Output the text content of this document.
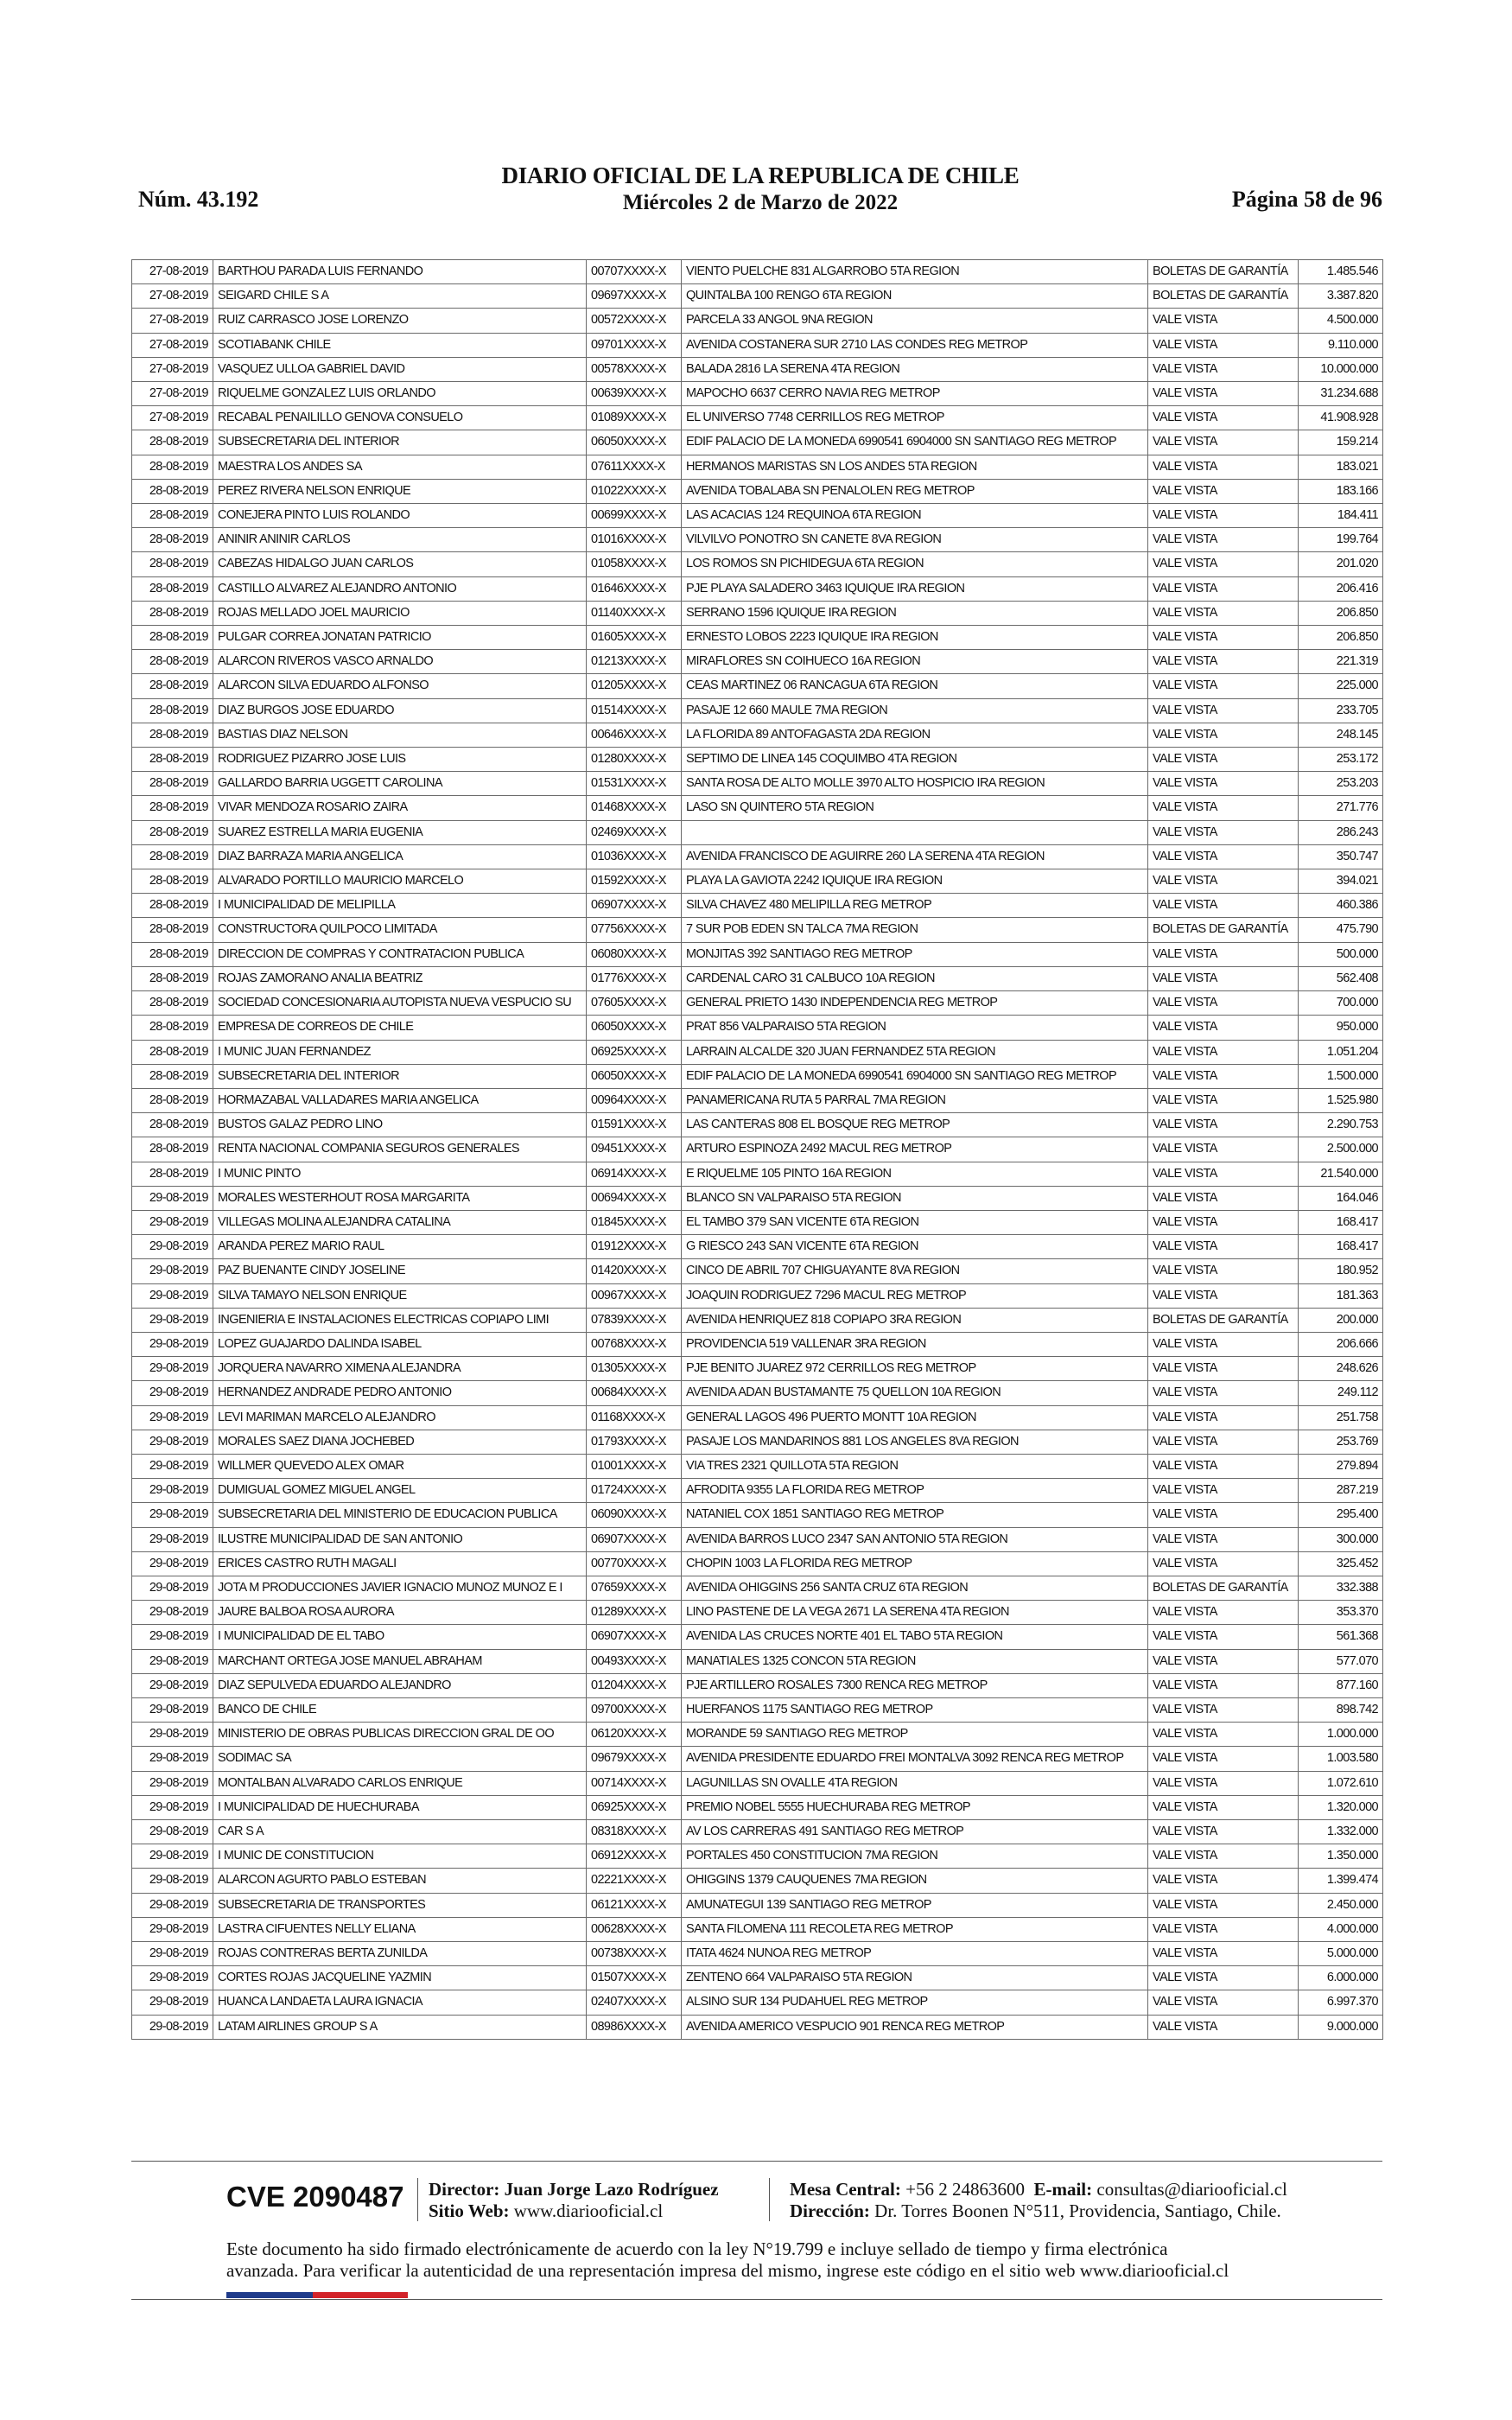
Núm. 43.192
DIARIO OFICIAL DE LA REPUBLICA DE CHILE
Miércoles 2 de Marzo de 2022	Página 58 de 96
27-08-2019	BARTHOU PARADA LUIS FERNANDO	00707XXXX-X	VIENTO PUELCHE 831 ALGARROBO 5TA REGION	BOLETAS DE GARANTÍA	1.485.546
27-08-2019	SEIGARD CHILE S A	09697XXXX-X	QUINTALBA 100 RENGO 6TA REGION	BOLETAS DE GARANTÍA	3.387.820
27-08-2019	RUIZ CARRASCO JOSE LORENZO	00572XXXX-X	PARCELA 33 ANGOL 9NA REGION	VALE VISTA	4.500.000
27-08-2019	SCOTIABANK CHILE	09701XXXX-X	AVENIDA COSTANERA SUR 2710 LAS CONDES REG METROP	VALE VISTA	9.110.000
27-08-2019	VASQUEZ ULLOA GABRIEL DAVID	00578XXXX-X	BALADA 2816 LA SERENA 4TA REGION	VALE VISTA	10.000.000
27-08-2019	RIQUELME GONZALEZ LUIS ORLANDO	00639XXXX-X	MAPOCHO 6637 CERRO NAVIA REG METROP	VALE VISTA	31.234.688
27-08-2019	RECABAL PENAILILLO GENOVA CONSUELO	01089XXXX-X	EL UNIVERSO 7748 CERRILLOS REG METROP	VALE VISTA	41.908.928
28-08-2019	SUBSECRETARIA DEL INTERIOR	06050XXXX-X	EDIF PALACIO DE LA MONEDA 6990541 6904000 SN SANTIAGO REG METROP	VALE VISTA	159.214
28-08-2019	MAESTRA LOS ANDES SA	07611XXXX-X	HERMANOS MARISTAS SN LOS ANDES 5TA REGION	VALE VISTA	183.021
28-08-2019	PEREZ RIVERA NELSON ENRIQUE	01022XXXX-X	AVENIDA TOBALABA SN PENALOLEN REG METROP	VALE VISTA	183.166
28-08-2019	CONEJERA PINTO LUIS ROLANDO	00699XXXX-X	LAS ACACIAS 124 REQUINOA 6TA REGION	VALE VISTA	184.411
28-08-2019	ANINIR ANINIR CARLOS	01016XXXX-X	VILVILVO PONOTRO SN CANETE 8VA REGION	VALE VISTA	199.764
28-08-2019	CABEZAS HIDALGO JUAN CARLOS	01058XXXX-X	LOS ROMOS SN PICHIDEGUA 6TA REGION	VALE VISTA	201.020
28-08-2019	CASTILLO ALVAREZ ALEJANDRO ANTONIO	01646XXXX-X	PJE PLAYA SALADERO 3463 IQUIQUE IRA REGION	VALE VISTA	206.416
28-08-2019	ROJAS MELLADO JOEL MAURICIO	01140XXXX-X	SERRANO 1596 IQUIQUE IRA REGION	VALE VISTA	206.850
28-08-2019	PULGAR CORREA JONATAN PATRICIO	01605XXXX-X	ERNESTO LOBOS 2223 IQUIQUE IRA REGION	VALE VISTA	206.850
28-08-2019	ALARCON RIVEROS VASCO ARNALDO	01213XXXX-X	MIRAFLORES SN COIHUECO 16A REGION	VALE VISTA	221.319
28-08-2019	ALARCON SILVA EDUARDO ALFONSO	01205XXXX-X	CEAS MARTINEZ 06 RANCAGUA 6TA REGION	VALE VISTA	225.000
28-08-2019	DIAZ BURGOS JOSE EDUARDO	01514XXXX-X	PASAJE 12 660 MAULE 7MA REGION	VALE VISTA	233.705
28-08-2019	BASTIAS DIAZ NELSON	00646XXXX-X	LA FLORIDA 89 ANTOFAGASTA 2DA REGION	VALE VISTA	248.145
28-08-2019	RODRIGUEZ PIZARRO JOSE LUIS	01280XXXX-X	SEPTIMO DE LINEA 145 COQUIMBO 4TA REGION	VALE VISTA	253.172
28-08-2019	GALLARDO BARRIA UGGETT CAROLINA	01531XXXX-X	SANTA ROSA DE ALTO MOLLE 3970 ALTO HOSPICIO IRA REGION	VALE VISTA	253.203
28-08-2019	VIVAR MENDOZA ROSARIO ZAIRA	01468XXXX-X	LASO SN QUINTERO 5TA REGION	VALE VISTA	271.776
28-08-2019	SUAREZ ESTRELLA MARIA EUGENIA	02469XXXX-X		VALE VISTA	286.243
28-08-2019	DIAZ BARRAZA MARIA ANGELICA	01036XXXX-X	AVENIDA FRANCISCO DE AGUIRRE 260 LA SERENA 4TA REGION	VALE VISTA	350.747
28-08-2019	ALVARADO PORTILLO MAURICIO MARCELO	01592XXXX-X	PLAYA LA GAVIOTA 2242 IQUIQUE IRA REGION	VALE VISTA	394.021
28-08-2019	I MUNICIPALIDAD DE MELIPILLA	06907XXXX-X	SILVA CHAVEZ 480 MELIPILLA REG METROP	VALE VISTA	460.386
28-08-2019	CONSTRUCTORA QUILPOCO LIMITADA	07756XXXX-X	7 SUR POB EDEN SN TALCA 7MA REGION	BOLETAS DE GARANTÍA	475.790
28-08-2019	DIRECCION DE COMPRAS Y CONTRATACION PUBLICA	06080XXXX-X	MONJITAS 392 SANTIAGO REG METROP	VALE VISTA	500.000
28-08-2019	ROJAS ZAMORANO ANALIA BEATRIZ	01776XXXX-X	CARDENAL CARO 31 CALBUCO 10A REGION	VALE VISTA	562.408
28-08-2019	SOCIEDAD CONCESIONARIA AUTOPISTA NUEVA VESPUCIO SU	07605XXXX-X	GENERAL PRIETO 1430 INDEPENDENCIA REG METROP	VALE VISTA	700.000
28-08-2019	EMPRESA DE CORREOS DE CHILE	06050XXXX-X	PRAT 856 VALPARAISO 5TA REGION	VALE VISTA	950.000
28-08-2019	I MUNIC JUAN FERNANDEZ	06925XXXX-X	LARRAIN ALCALDE 320 JUAN FERNANDEZ 5TA REGION	VALE VISTA	1.051.204
28-08-2019	SUBSECRETARIA DEL INTERIOR	06050XXXX-X	EDIF PALACIO DE LA MONEDA 6990541 6904000 SN SANTIAGO REG METROP	VALE VISTA	1.500.000
28-08-2019	HORMAZABAL VALLADARES MARIA ANGELICA	00964XXXX-X	PANAMERICANA RUTA 5 PARRAL 7MA REGION	VALE VISTA	1.525.980
28-08-2019	BUSTOS GALAZ PEDRO LINO	01591XXXX-X	LAS CANTERAS 808 EL BOSQUE REG METROP	VALE VISTA	2.290.753
28-08-2019	RENTA NACIONAL COMPANIA SEGUROS GENERALES	09451XXXX-X	ARTURO ESPINOZA 2492 MACUL REG METROP	VALE VISTA	2.500.000
28-08-2019	I MUNIC PINTO	06914XXXX-X	E RIQUELME 105 PINTO 16A REGION	VALE VISTA	21.540.000
29-08-2019	MORALES WESTERHOUT ROSA MARGARITA	00694XXXX-X	BLANCO SN VALPARAISO 5TA REGION	VALE VISTA	164.046
29-08-2019	VILLEGAS MOLINA ALEJANDRA CATALINA	01845XXXX-X	EL TAMBO 379 SAN VICENTE 6TA REGION	VALE VISTA	168.417
29-08-2019	ARANDA PEREZ MARIO RAUL	01912XXXX-X	G RIESCO 243 SAN VICENTE 6TA REGION	VALE VISTA	168.417
29-08-2019	PAZ BUENANTE CINDY JOSELINE	01420XXXX-X	CINCO DE ABRIL 707 CHIGUAYANTE 8VA REGION	VALE VISTA	180.952
29-08-2019	SILVA TAMAYO NELSON ENRIQUE	00967XXXX-X	JOAQUIN RODRIGUEZ 7296 MACUL REG METROP	VALE VISTA	181.363
29-08-2019	INGENIERIA E INSTALACIONES ELECTRICAS COPIAPO LIMI	07839XXXX-X	AVENIDA HENRIQUEZ 818 COPIAPO 3RA REGION	BOLETAS DE GARANTÍA	200.000
29-08-2019	LOPEZ GUAJARDO DALINDA ISABEL	00768XXXX-X	PROVIDENCIA 519 VALLENAR 3RA REGION	VALE VISTA	206.666
29-08-2019	JORQUERA NAVARRO XIMENA ALEJANDRA	01305XXXX-X	PJE BENITO JUAREZ 972 CERRILLOS REG METROP	VALE VISTA	248.626
29-08-2019	HERNANDEZ ANDRADE PEDRO ANTONIO	00684XXXX-X	AVENIDA ADAN BUSTAMANTE 75 QUELLON 10A REGION	VALE VISTA	249.112
29-08-2019	LEVI MARIMAN MARCELO ALEJANDRO	01168XXXX-X	GENERAL LAGOS 496 PUERTO MONTT 10A REGION	VALE VISTA	251.758
29-08-2019	MORALES SAEZ DIANA JOCHEBED	01793XXXX-X	PASAJE LOS MANDARINOS 881 LOS ANGELES 8VA REGION	VALE VISTA	253.769
29-08-2019	WILLMER QUEVEDO ALEX OMAR	01001XXXX-X	VIA TRES 2321 QUILLOTA 5TA REGION	VALE VISTA	279.894
29-08-2019	DUMIGUAL GOMEZ MIGUEL ANGEL	01724XXXX-X	AFRODITA 9355 LA FLORIDA REG METROP	VALE VISTA	287.219
29-08-2019	SUBSECRETARIA DEL MINISTERIO DE EDUCACION PUBLICA	06090XXXX-X	NATANIEL COX 1851 SANTIAGO REG METROP	VALE VISTA	295.400
29-08-2019	ILUSTRE MUNICIPALIDAD DE SAN ANTONIO	06907XXXX-X	AVENIDA BARROS LUCO 2347 SAN ANTONIO 5TA REGION	VALE VISTA	300.000
29-08-2019	ERICES CASTRO RUTH MAGALI	00770XXXX-X	CHOPIN 1003 LA FLORIDA REG METROP	VALE VISTA	325.452
29-08-2019	JOTA M PRODUCCIONES JAVIER IGNACIO MUNOZ MUNOZ E I	07659XXXX-X	AVENIDA OHIGGINS 256 SANTA CRUZ 6TA REGION	BOLETAS DE GARANTÍA	332.388
29-08-2019	JAURE BALBOA ROSA AURORA	01289XXXX-X	LINO PASTENE DE LA VEGA 2671 LA SERENA 4TA REGION	VALE VISTA	353.370
29-08-2019	I MUNICIPALIDAD DE EL TABO	06907XXXX-X	AVENIDA LAS CRUCES NORTE 401 EL TABO 5TA REGION	VALE VISTA	561.368
29-08-2019	MARCHANT ORTEGA JOSE MANUEL ABRAHAM	00493XXXX-X	MANATIALES 1325 CONCON 5TA REGION	VALE VISTA	577.070
29-08-2019	DIAZ SEPULVEDA EDUARDO ALEJANDRO	01204XXXX-X	PJE ARTILLERO ROSALES 7300 RENCA REG METROP	VALE VISTA	877.160
29-08-2019	BANCO DE CHILE	09700XXXX-X	HUERFANOS 1175 SANTIAGO REG METROP	VALE VISTA	898.742
29-08-2019	MINISTERIO DE OBRAS PUBLICAS DIRECCION GRAL DE OO	06120XXXX-X	MORANDE 59 SANTIAGO REG METROP	VALE VISTA	1.000.000
29-08-2019	SODIMAC SA	09679XXXX-X	AVENIDA PRESIDENTE EDUARDO FREI MONTALVA 3092 RENCA REG METROP	VALE VISTA	1.003.580
29-08-2019	MONTALBAN ALVARADO CARLOS ENRIQUE	00714XXXX-X	LAGUNILLAS SN OVALLE 4TA REGION	VALE VISTA	1.072.610
29-08-2019	I MUNICIPALIDAD DE HUECHURABA	06925XXXX-X	PREMIO NOBEL 5555 HUECHURABA REG METROP	VALE VISTA	1.320.000
29-08-2019	CAR S A	08318XXXX-X	AV LOS CARRERAS 491 SANTIAGO REG METROP	VALE VISTA	1.332.000
29-08-2019	I MUNIC DE CONSTITUCION	06912XXXX-X	PORTALES 450 CONSTITUCION 7MA REGION	VALE VISTA	1.350.000
29-08-2019	ALARCON AGURTO PABLO ESTEBAN	02221XXXX-X	OHIGGINS 1379 CAUQUENES 7MA REGION	VALE VISTA	1.399.474
29-08-2019	SUBSECRETARIA DE TRANSPORTES	06121XXXX-X	AMUNATEGUI 139 SANTIAGO REG METROP	VALE VISTA	2.450.000
29-08-2019	LASTRA CIFUENTES NELLY ELIANA	00628XXXX-X	SANTA FILOMENA 111 RECOLETA REG METROP	VALE VISTA	4.000.000
29-08-2019	ROJAS CONTRERAS BERTA ZUNILDA	00738XXXX-X	ITATA 4624 NUNOA REG METROP	VALE VISTA	5.000.000
29-08-2019	CORTES ROJAS JACQUELINE YAZMIN	01507XXXX-X	ZENTENO 664 VALPARAISO 5TA REGION	VALE VISTA	6.000.000
29-08-2019	HUANCA LANDAETA LAURA IGNACIA	02407XXXX-X	ALSINO SUR 134 PUDAHUEL REG METROP	VALE VISTA	6.997.370
29-08-2019	LATAM AIRLINES GROUP S A	08986XXXX-X	AVENIDA AMERICO VESPUCIO 901 RENCA REG METROP	VALE VISTA	9.000.000
CVE 2090487 Director: Juan Jorge Lazo Rodríguez
Sitio Web: www.diariooficial.cl
Mesa Central: +56 2 24863600 E-mail: consultas@diariooficial.cl
Dirección: Dr. Torres Boonen N°511, Providencia, Santiago, Chile.
Este documento ha sido firmado electrónicamente de acuerdo con la ley N°19.799 e incluye sellado de tiempo y firma electrónica
avanzada. Para verificar la autenticidad de una representación impresa del mismo, ingrese este código en el sitio web www.diariooficial.cl
